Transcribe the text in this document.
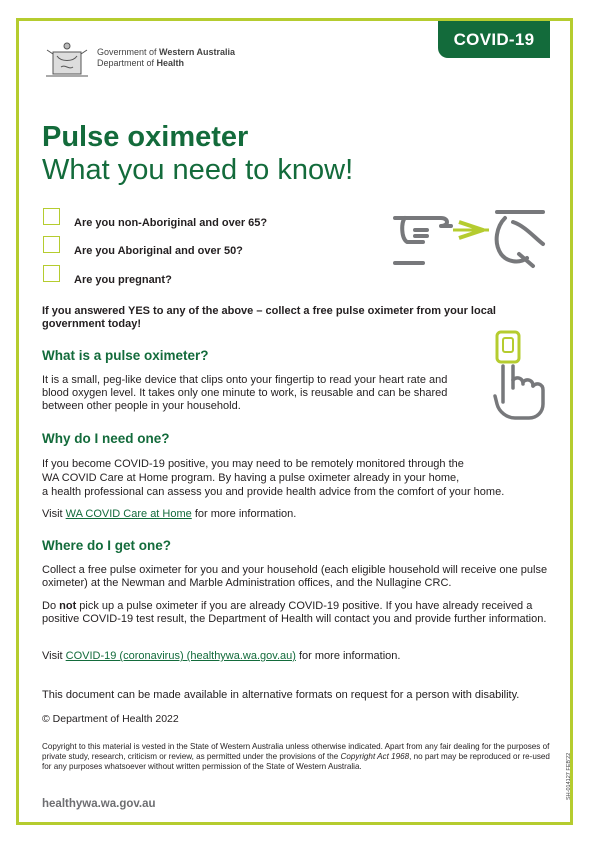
COVID-19
Government of Western Australia
Department of Health
Pulse oximeter
What you need to know!
Are you non-Aboriginal and over 65?
Are you Aboriginal and over 50?
Are you pregnant?
If you answered YES to any of the above – collect a free pulse oximeter from your local government today!
What is a pulse oximeter?
It is a small, peg-like device that clips onto your fingertip to read your heart rate and blood oxygen level. It takes only one minute to work, is reusable and can be shared between other people in your household.
Why do I need one?
If you become COVID-19 positive, you may need to be remotely monitored through the
WA COVID Care at Home program. By having a pulse oximeter already in your home,
a health professional can assess you and provide health advice from the comfort of your home.
Visit WA COVID Care at Home for more information.
Where do I get one?
Collect a free pulse oximeter for you and your household (each eligible household will receive one pulse oximeter) at the Newman and Marble Administration offices, and the Nullagine CRC.
Do not pick up a pulse oximeter if you are already COVID-19 positive. If you have already received a positive COVID-19 test result, the Department of Health will contact you and provide further information.
Visit COVID-19 (coronavirus) (healthywa.wa.gov.au) for more information.
This document can be made available in alternative formats on request for a person with disability.
© Department of Health 2022
Copyright to this material is vested in the State of Western Australia unless otherwise indicated. Apart from any fair dealing for the purposes of private study, research, criticism or review, as permitted under the provisions of the Copyright Act 1968, no part may be reproduced or re-used for any purposes whatsoever without written permission of the State of Western Australia.
healthywa.wa.gov.au
SH-014127 FEB'22
